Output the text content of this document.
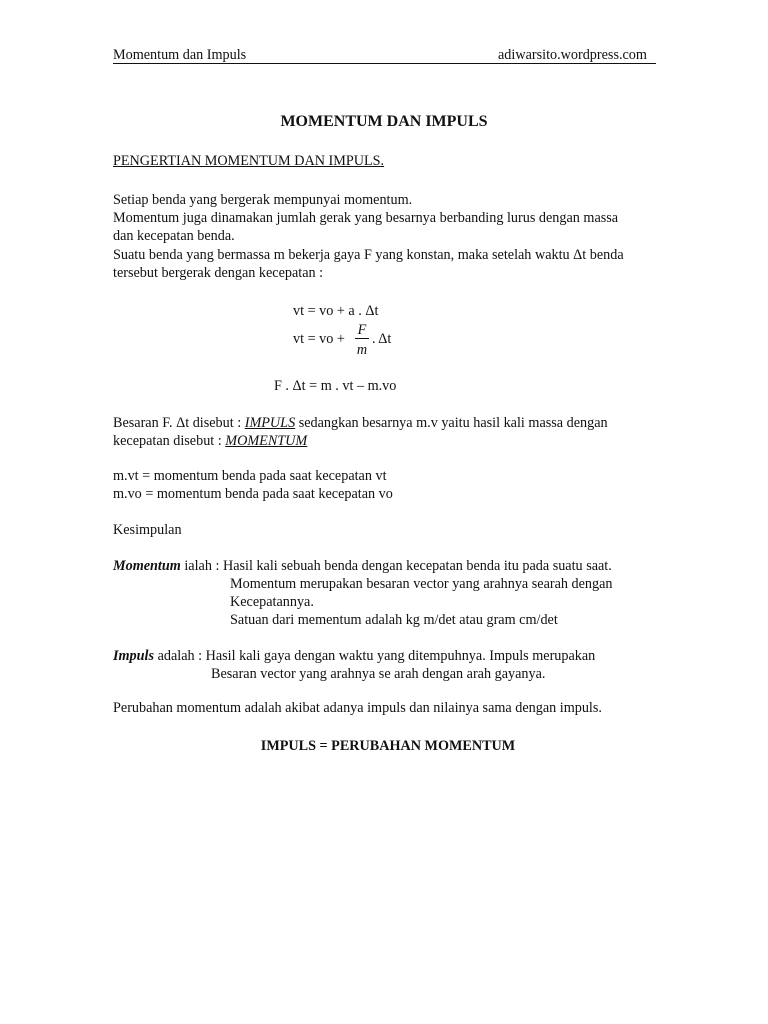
Momentum dan Impuls	adiwarsito.wordpress.com
MOMENTUM DAN IMPULS
PENGERTIAN MOMENTUM DAN IMPULS.
Setiap benda yang bergerak mempunyai momentum.
Momentum juga dinamakan jumlah gerak yang besarnya berbanding lurus dengan massa
dan kecepatan benda.
Suatu benda yang bermassa m bekerja gaya F yang konstan, maka setelah waktu Δt benda
tersebut bergerak dengan kecepatan :
vt = vo + a . Δt
vt = vo +
F
m
. Δt
F . Δt = m . vt – m.vo
Besaran F. Δt disebut : IMPULS sedangkan besarnya m.v yaitu hasil kali massa dengan
kecepatan disebut : MOMENTUM
m.vt = momentum benda pada saat kecepatan vt
m.vo = momentum benda pada saat kecepatan vo
Kesimpulan
Momentum ialah : Hasil kali sebuah benda dengan kecepatan benda itu pada suatu saat.
Momentum merupakan besaran vector yang arahnya searah dengan
Kecepatannya.
Satuan dari mementum adalah kg m/det atau gram cm/det
Impuls adalah : Hasil kali gaya dengan waktu yang ditempuhnya. Impuls merupakan
Besaran vector yang arahnya se arah dengan arah gayanya.
Perubahan momentum adalah akibat adanya impuls dan nilainya sama dengan impuls.
IMPULS = PERUBAHAN MOMENTUM
